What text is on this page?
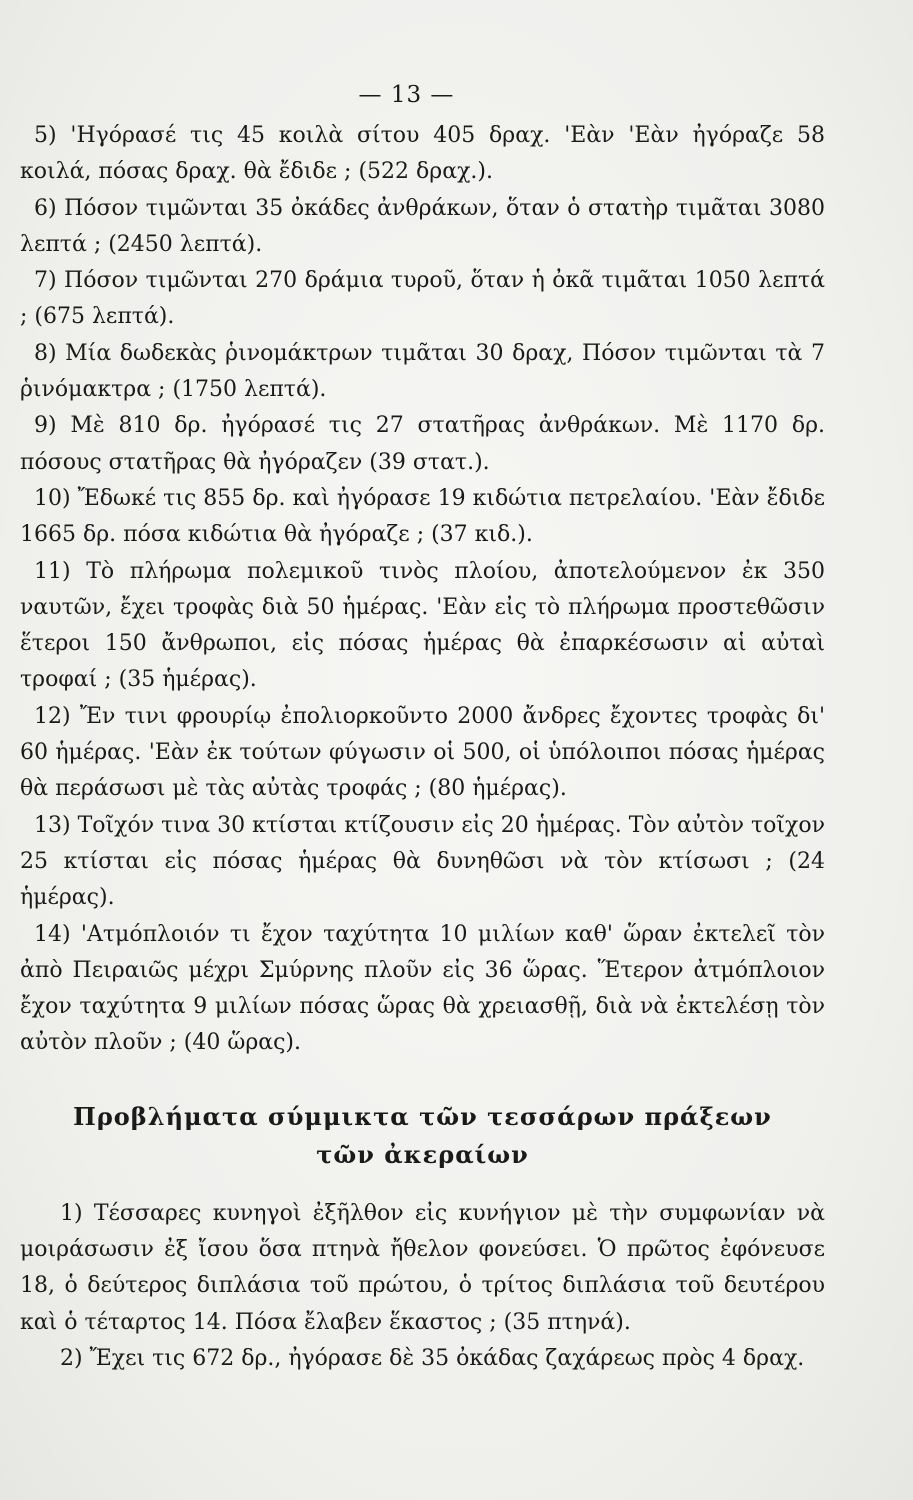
— 13 —

5) 'Ηγόρασέ τις 45 κοιλὰ σίτου 405 δραχ. 'Εὰν 'Εὰν ἠγόραζε 58 κοιλά, πόσας δραχ. θὰ ἔδιδε ; (522 δραχ.).

6) Πόσον τιμῶνται 35 ὀκάδες ἀνθράκων, ὅταν ὁ στατὴρ τιμᾶται 3080 λεπτά ; (2450 λεπτά).

7) Πόσον τιμῶνται 270 δράμια τυροῦ, ὅταν ἡ ὀκᾶ τιμᾶται 1050 λεπτά ; (675 λεπτά).

8) Μία δωδεκὰς ῥινομάκτρων τιμᾶται 30 δραχ, Πόσον τιμῶνται τὰ 7 ῥινόμακτρα ; (1750 λεπτά).

9) Μὲ 810 δρ. ἠγόρασέ τις 27 στατῆρας ἀνθράκων. Μὲ 1170 δρ. πόσους στατῆρας θὰ ἠγόραζεν (39 στατ.).

10) Ἔδωκέ τις 855 δρ. καὶ ἠγόρασε 19 κιδώτια πετρελαίου. 'Εὰν ἔδιδε 1665 δρ. πόσα κιδώτια θὰ ἠγόραζε ; (37 κιδ.).

11) Τὸ πλήρωμα πολεμικοῦ τινὸς πλοίου, ἀποτελούμενον ἐκ 350 ναυτῶν, ἔχει τροφὰς διὰ 50 ἡμέρας. 'Εὰν εἰς τὸ πλήρωμα προστεθῶσιν ἕτεροι 150 ἄνθρωποι, εἰς πόσας ἡμέρας θὰ ἐπαρκέσωσιν αἱ αὐταὶ τροφαί ; (35 ἡμέρας).

12) Ἔν τινι φρουρίῳ ἐπολιορκοῦντο 2000 ἄνδρες ἔχοντες τροφὰς δι' 60 ἡμέρας. 'Εὰν ἐκ τούτων φύγωσιν οἱ 500, οἱ ὑπόλοιποι πόσας ἡμέρας θὰ περάσωσι μὲ τὰς αὐτὰς τροφάς ; (80 ἡμέρας).

13) Τοῖχόν τινα 30 κτίσται κτίζουσιν εἰς 20 ἡμέρας. Τὸν αὐτὸν τοῖχον 25 κτίσται εἰς πόσας ἡμέρας θὰ δυνηθῶσι νὰ τὸν κτίσωσι ; (24 ἡμέρας).

14) 'Ατμόπλοιόν τι ἔχον ταχύτητα 10 μιλίων καθ' ὥραν ἐκτελεῖ τὸν ἀπὸ Πειραιῶς μέχρι Σμύρνης πλοῦν εἰς 36 ὥρας. Ἕτερον ἀτμόπλοιον ἔχον ταχύτητα 9 μιλίων πόσας ὥρας θὰ χρειασθῇ, διὰ νὰ ἐκτελέσῃ τὸν αὐτὸν πλοῦν ; (40 ὥρας).

Προβλήματα σύμμικτα τῶν τεσσάρων πράξεων
τῶν ἀκεραίων

1) Τέσσαρες κυνηγοὶ ἐξῆλθον εἰς κυνήγιον μὲ τὴν συμφωνίαν νὰ μοιράσωσιν ἐξ ἴσου ὅσα πτηνὰ ἤθελον φονεύσει. Ὁ πρῶτος ἐφόνευσε 18, ὁ δεύτερος διπλάσια τοῦ πρώτου, ὁ τρίτος διπλάσια τοῦ δευτέρου καὶ ὁ τέταρτος 14. Πόσα ἔλαβεν ἕκαστος ; (35 πτηνά).

2) Ἔχει τις 672 δρ., ἠγόρασε δὲ 35 ὀκάδας ζαχάρεως πρὸς 4 δραχ.
